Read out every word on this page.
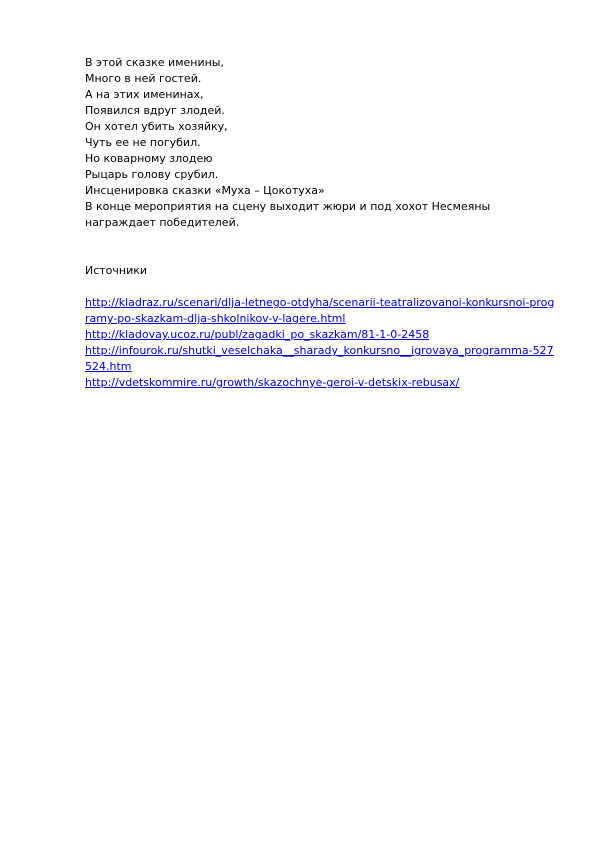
В этой сказке именины,
Много в ней гостей.
А на этих именинах,
Появился вдруг злодей.
Он хотел убить хозяйку,
Чуть ее не погубил.
Но коварному злодею
Рыцарь голову срубил.
Инсценировка сказки «Муха – Цокотуха»
В конце мероприятия на сцену выходит жюри и под хохот Несмеяны награждает победителей.
Источники
http://kladraz.ru/scenari/dlja-letnego-otdyha/scenarii-teatralizovanoi-konkursnoi-programy-po-skazkam-dlja-shkolnikov-v-lagere.html
http://kladovay.ucoz.ru/publ/zagadki_po_skazkam/81-1-0-2458
http://infourok.ru/shutki_veselchaka__sharady_konkursno__igrovaya_programma-527524.htm
http://vdetskommire.ru/growth/skazochnye-geroi-v-detskix-rebusax/
